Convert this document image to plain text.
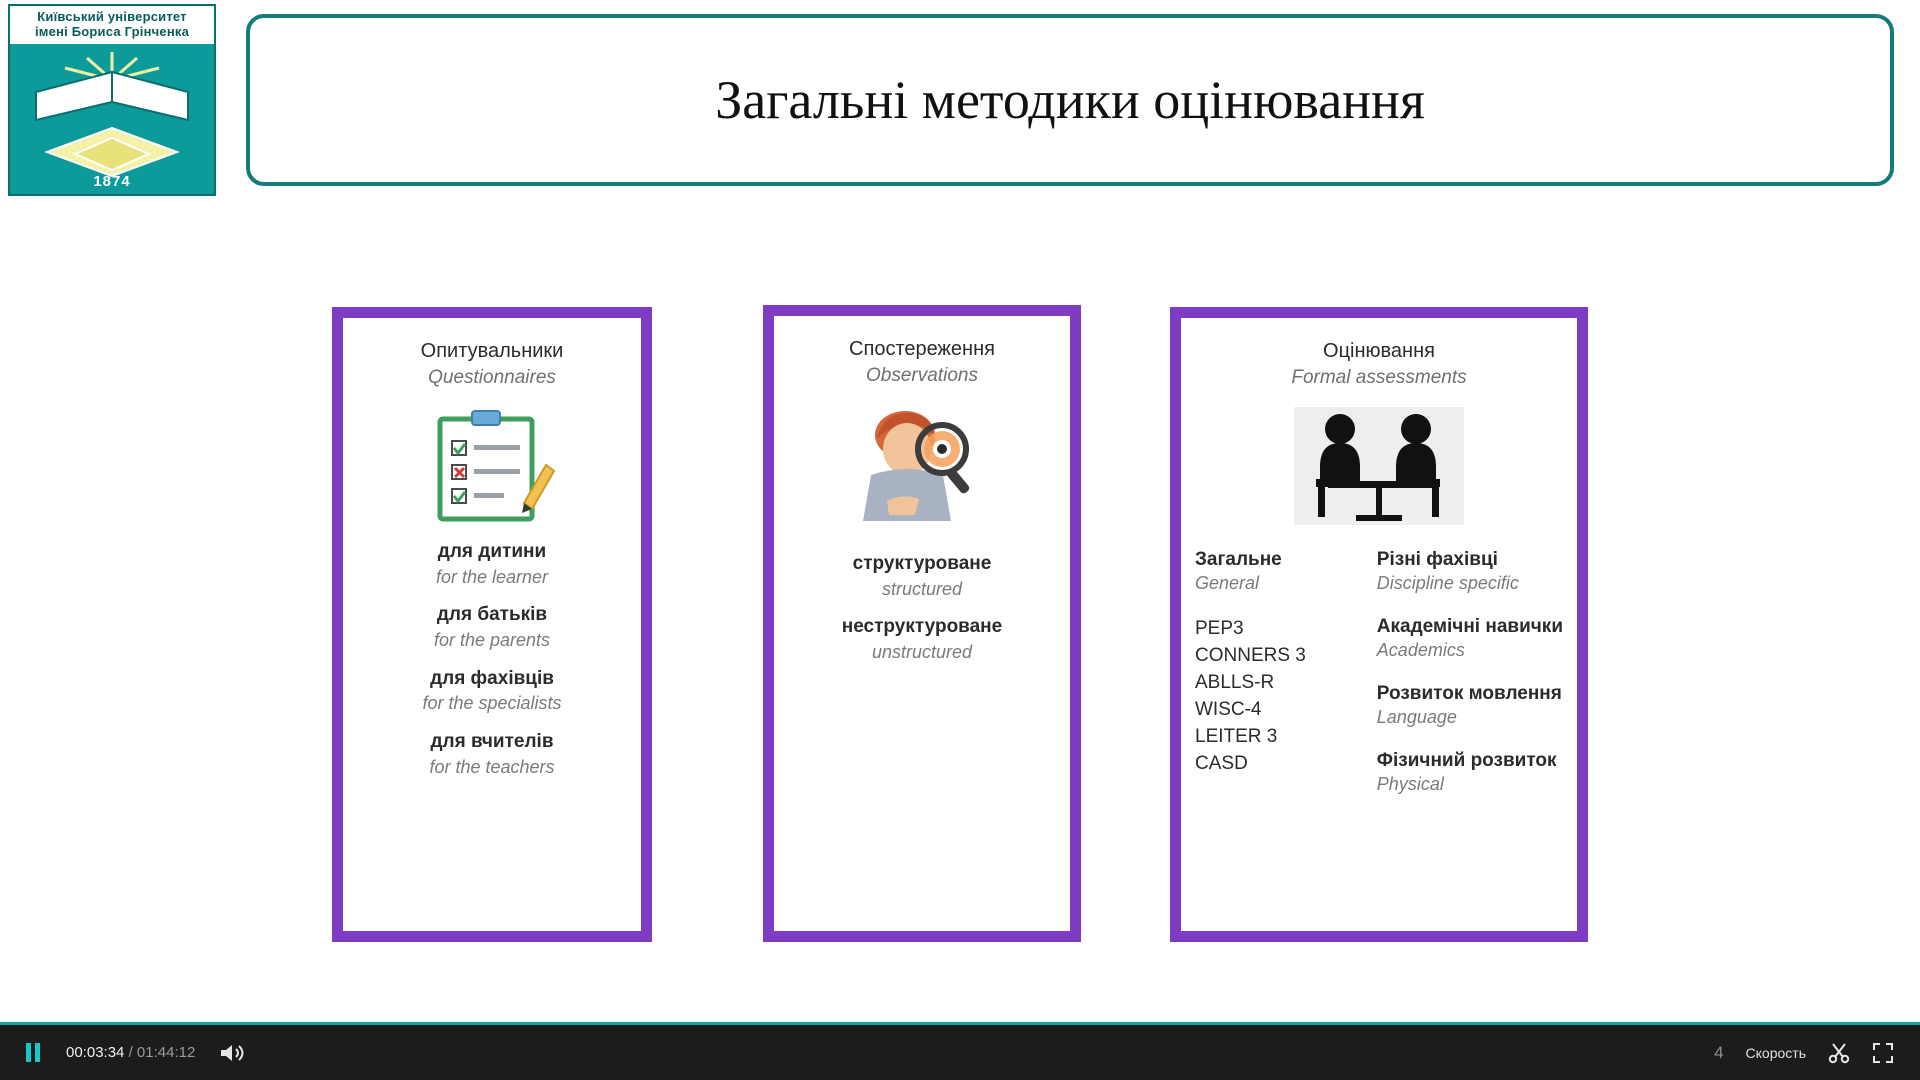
Київський університет
імені Бориса Грінченка
1874
Загальні методики оцінювання
Опитувальники
Questionnaires
для дитини
for the learner
для батьків
for the parents
для фахівців
for the specialists
для вчителів
for the teachers
Спостереження
Observations
структуроване
structured
неструктуроване
unstructured
Оцінювання
Formal assessments
Загальне
General
PEP3
CONNERS 3
ABLLS-R
WISC-4
LEITER 3
CASD
Різні фахівці
Discipline specific
Академічні навички
Academics
Розвиток мовлення
Language
Фізичний розвиток
Physical
00:03:34 / 01:44:12	4 Скорость
